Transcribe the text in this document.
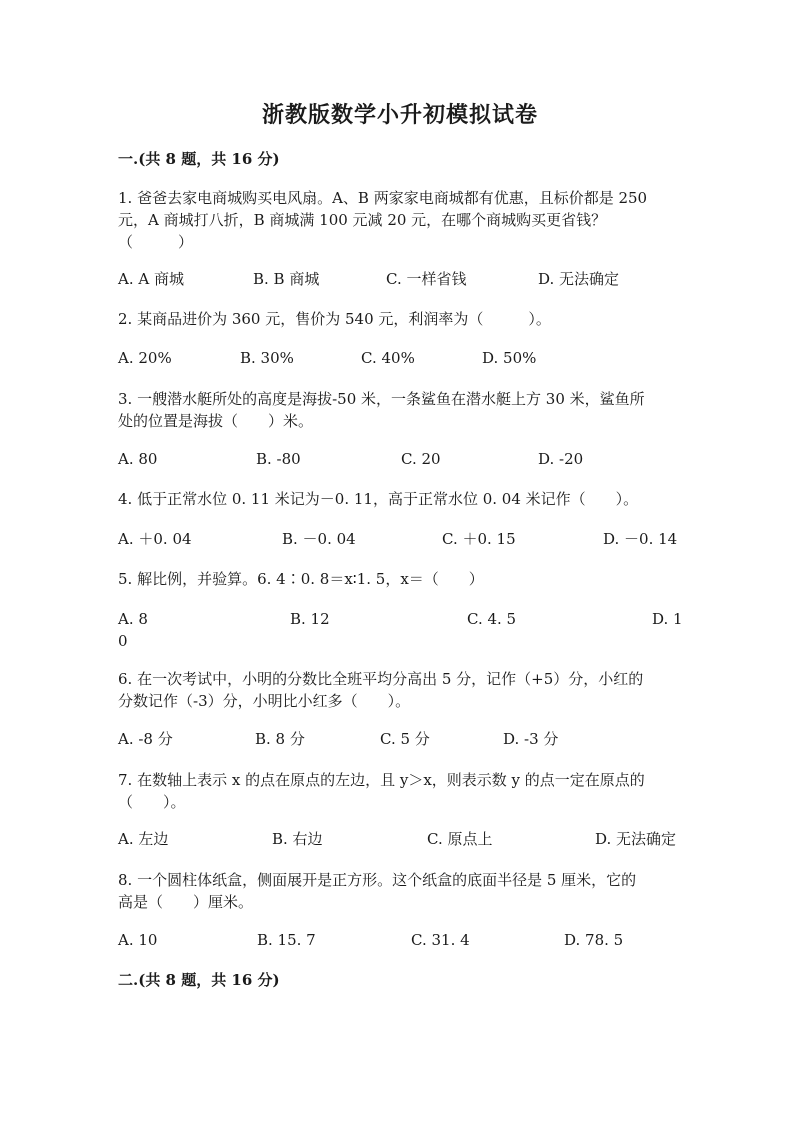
浙教版数学小升初模拟试卷
一.(共 8 题，共 16 分)
1. 爸爸去家电商城购买电风扇。A、B 两家家电商城都有优惠，且标价都是 250
元，A 商城打八折，B 商城满 100 元减 20 元，在哪个商城购买更省钱？
（　　　）
A. A 商城	B. B 商城	C. 一样省钱	D. 无法确定
2. 某商品进价为 360 元，售价为 540 元，利润率为（　　　）。
A. 20%	B. 30%	C. 40%	D. 50%
3. 一艘潜水艇所处的高度是海拔-50 米，一条鲨鱼在潜水艇上方 30 米，鲨鱼所
处的位置是海拔（　　）米。
A. 80	B. -80	C. 20	D. -20
4. 低于正常水位 0. 11 米记为－0. 11，高于正常水位 0. 04 米记作（　　）。
A. ＋0. 04	B. －0. 04	C. ＋0. 15	D. －0. 14
5. 解比例，并验算。6. 4∶0. 8＝x∶1. 5，x＝（　　）
A. 8	B. 12	C. 4. 5	D. 1
0
6. 在一次考试中，小明的分数比全班平均分高出 5 分，记作（+5）分，小红的
分数记作（-3）分，小明比小红多（　　）。
A. -8 分	B. 8 分	C. 5 分	D. -3 分
7. 在数轴上表示 x 的点在原点的左边，且 y＞x，则表示数 y 的点一定在原点的
（　　）。
A. 左边	B. 右边	C. 原点上	D. 无法确定
8. 一个圆柱体纸盒，侧面展开是正方形。这个纸盒的底面半径是 5 厘米，它的
高是（　　）厘米。
A. 10	B. 15. 7	C. 31. 4	D. 78. 5
二.(共 8 题，共 16 分)
